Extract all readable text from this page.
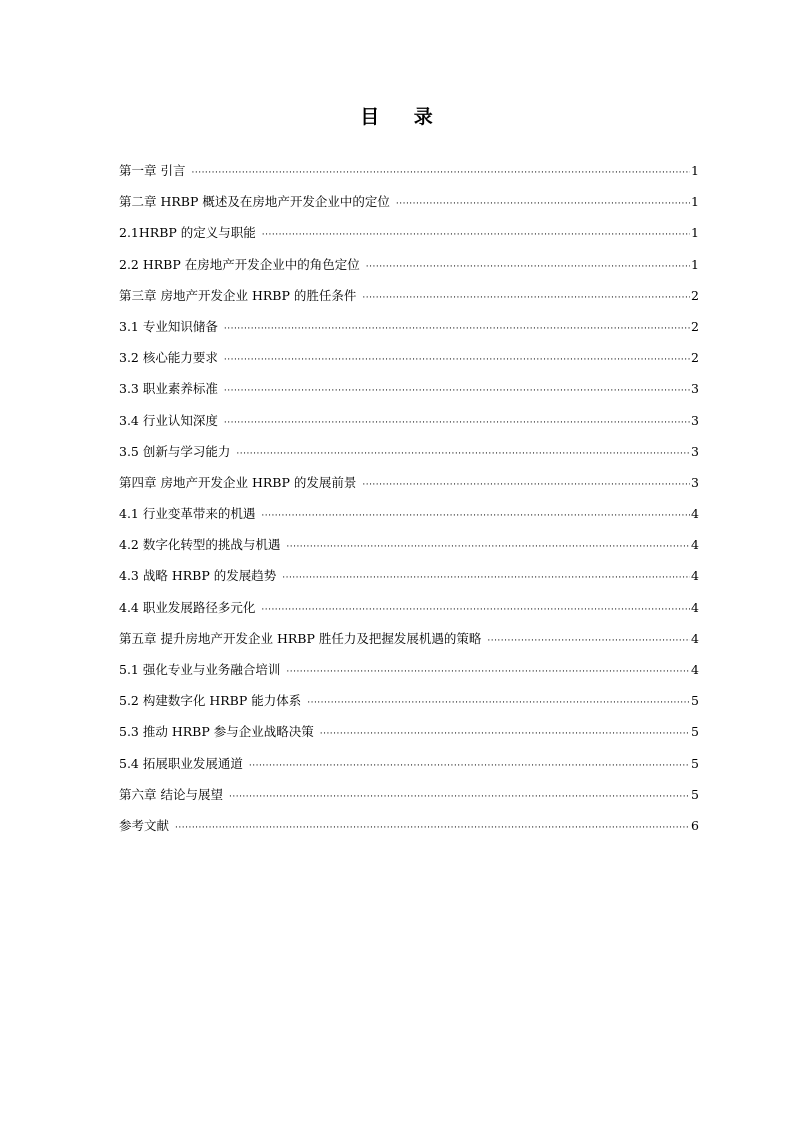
目 录
第一章 引言 ·····	1
第二章 HRBP 概述及在房地产开发企业中的定位 ·····	1
2.1HRBP 的定义与职能 ·····	1
2.2 HRBP 在房地产开发企业中的角色定位 ·····	1
第三章 房地产开发企业 HRBP 的胜任条件 ·····	2
3.1 专业知识储备 ·····	2
3.2 核心能力要求 ·····	2
3.3 职业素养标准 ·····	3
3.4 行业认知深度 ·····	3
3.5 创新与学习能力 ·····	3
第四章 房地产开发企业 HRBP 的发展前景 ·····	3
4.1 行业变革带来的机遇 ·····	4
4.2 数字化转型的挑战与机遇 ·····	4
4.3 战略 HRBP 的发展趋势 ·····	4
4.4 职业发展路径多元化 ·····	4
第五章 提升房地产开发企业 HRBP 胜任力及把握发展机遇的策略 ·····	4
5.1 强化专业与业务融合培训 ·····	4
5.2 构建数字化 HRBP 能力体系 ·····	5
5.3 推动 HRBP 参与企业战略决策 ·····	5
5.4 拓展职业发展通道 ·····	5
第六章 结论与展望 ·····	5
参考文献 ·····	6
